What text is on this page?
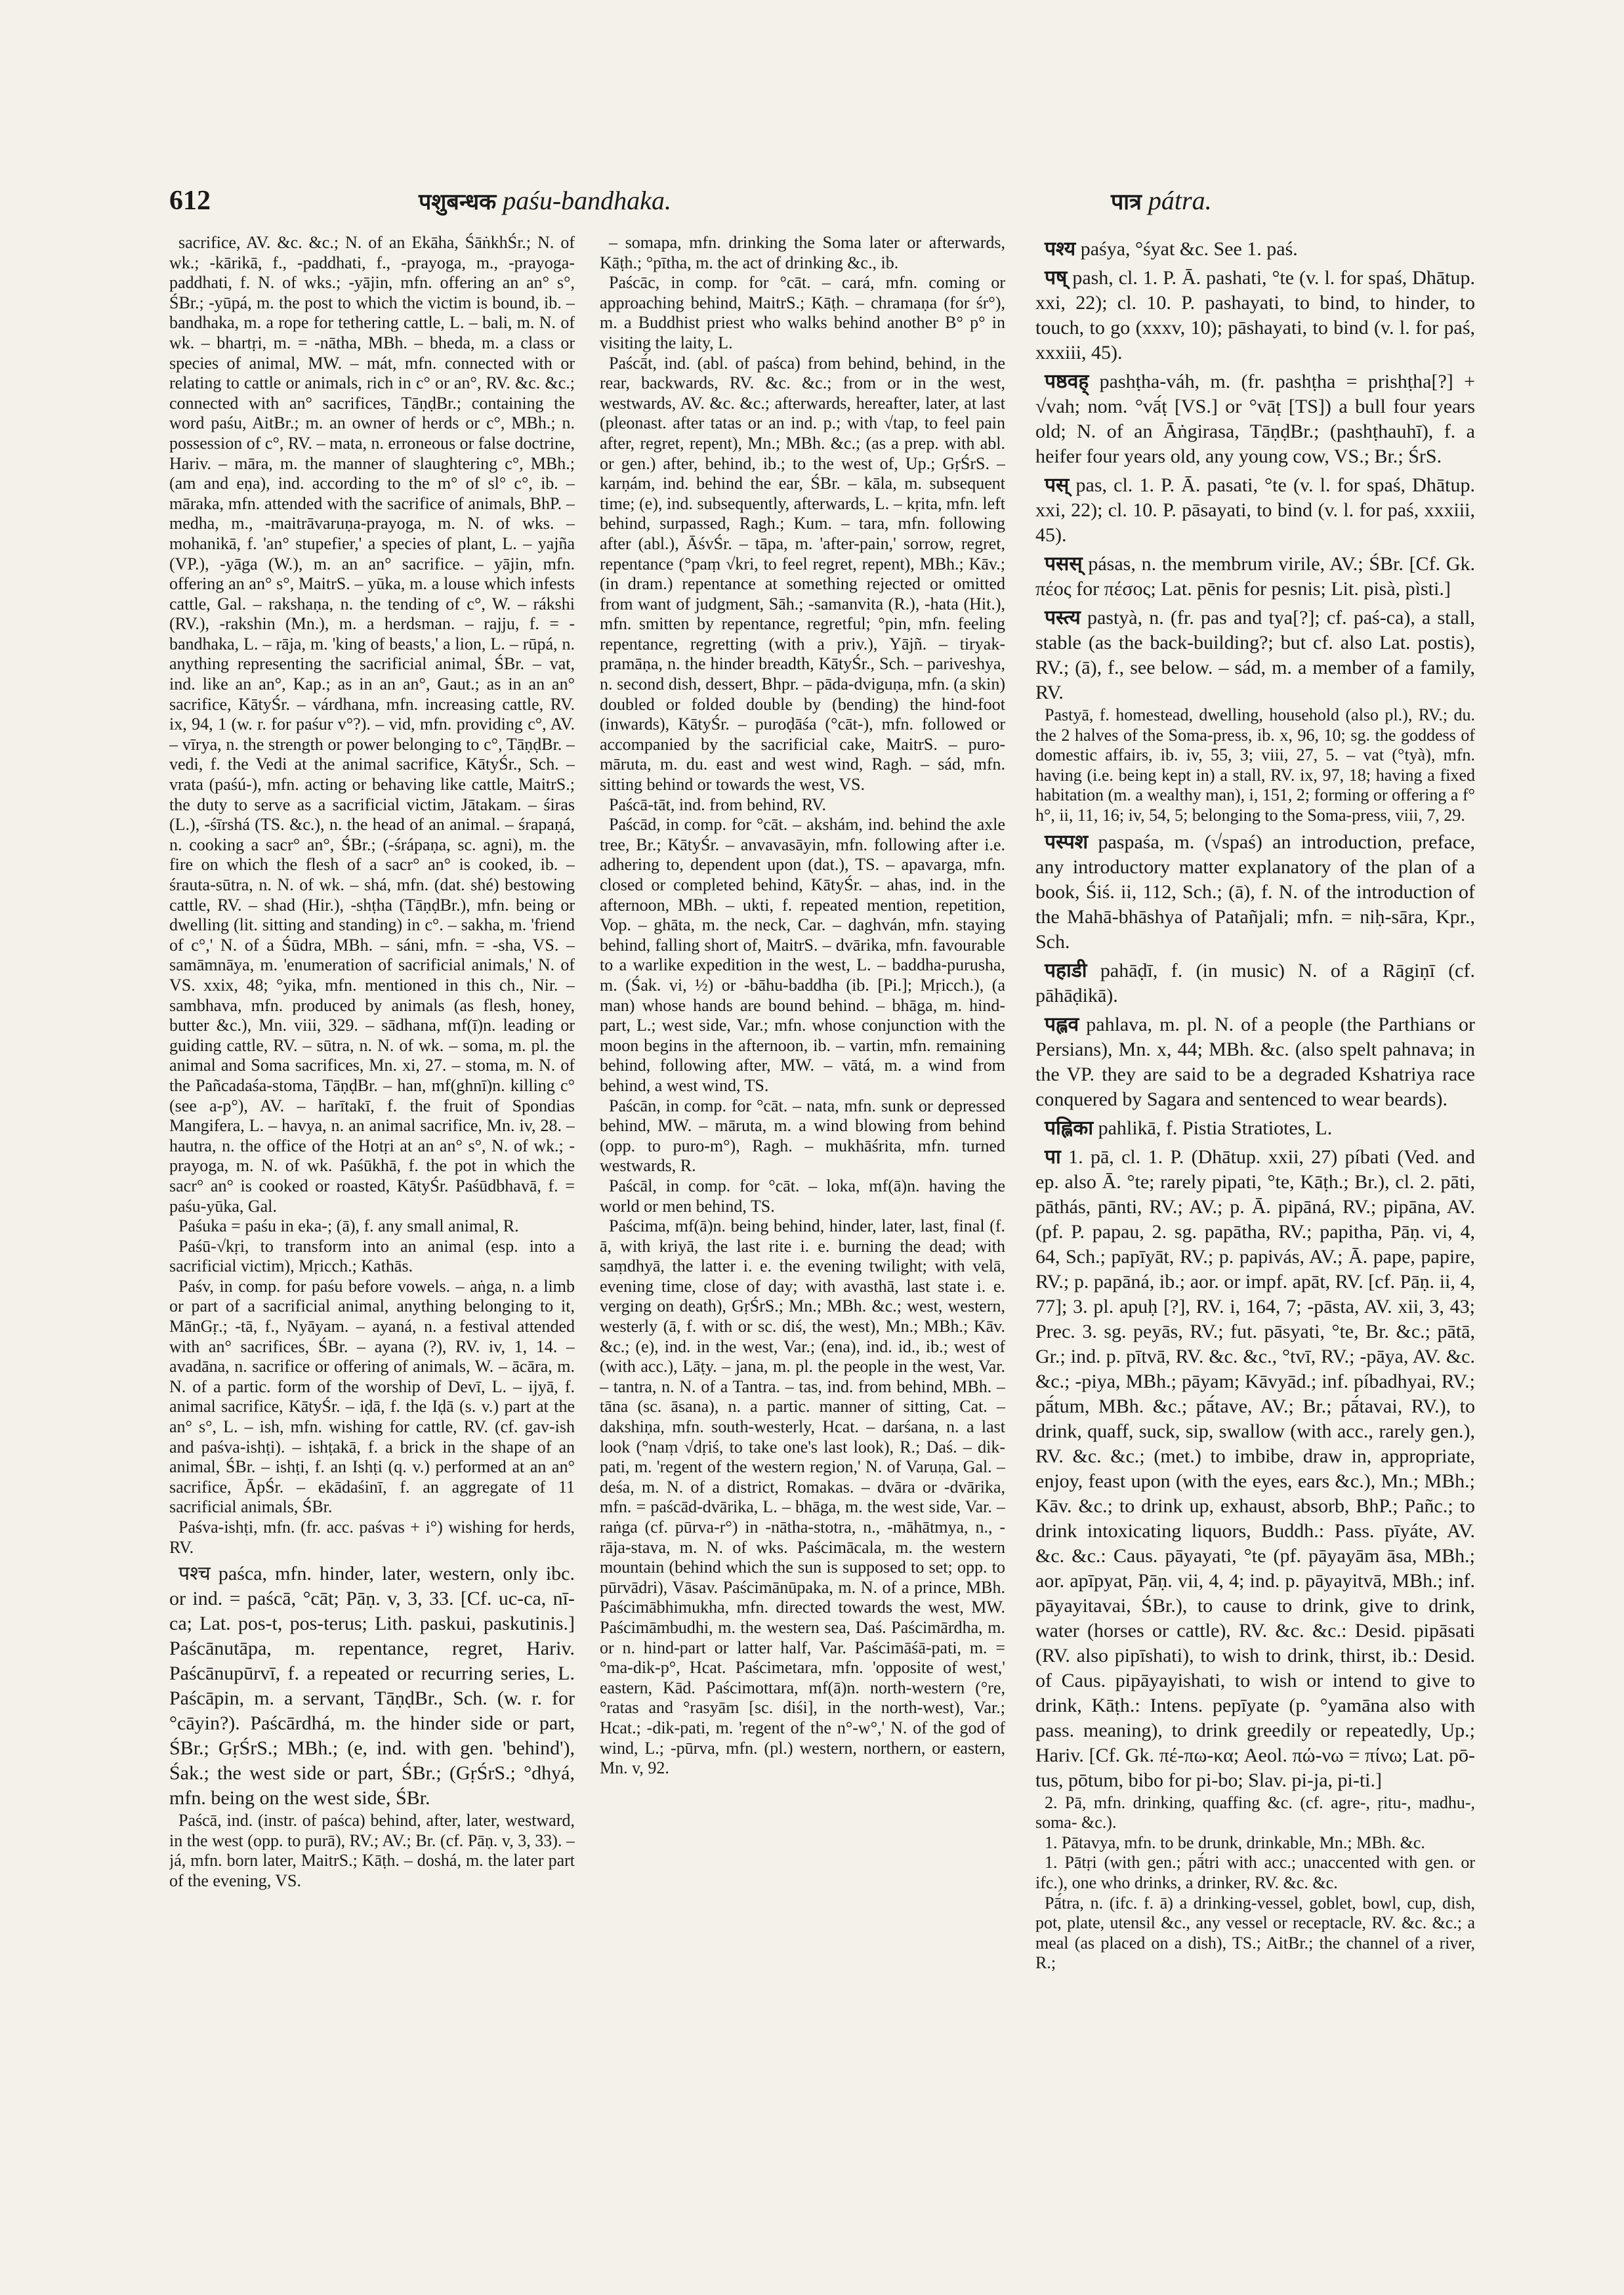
612	पशुबन्धक paśu-bandhaka.	पात्र pátra.

sacrifice, AV. &c. &c.; N. of an Ekāha, ŚāṅkhŚr.; N. of wk.; -kārikā, f., -paddhati, f., -prayoga, m., -prayoga-paddhati, f. N. of wks.; -yājin, mfn. offering an an° s°, ŚBr.; -yūpá, m. the post to which the victim is bound, ib. – bandhaka, m. a rope for tethering cattle, L. – bali, m. N. of wk. – bhartṛi, m. = -nātha, MBh. – bheda, m. a class or species of animal, MW. – mát, mfn. connected with or relating to cattle or animals, rich in c° or an°, RV. &c. &c.; connected with an° sacrifices, TāṇḍBr.; containing the word paśu, AitBr.; m. an owner of herds or c°, MBh.; n. possession of c°, RV. – mata, n. erroneous or false doctrine, Hariv. – māra, m. the manner of slaughtering c°, MBh.; (am and eṇa), ind. according to the m° of sl° c°, ib. – māraka, mfn. attended with the sacrifice of animals, BhP. – medha, m., -maitrāvaruṇa-prayoga, m. N. of wks. – mohanikā, f. 'an° stupefier,' a species of plant, L. – yajña (VP.), -yāga (W.), m. an an° sacrifice. – yājin, mfn. offering an an° s°, MaitrS. – yūka, m. a louse which infests cattle, Gal. – rakshaṇa, n. the tending of c°, W. – rákshi (RV.), -rakshin (Mn.), m. a herdsman. – rajju, f. = -bandhaka, L. – rāja, m. 'king of beasts,' a lion, L. – rūpá, n. anything representing the sacrificial animal, ŚBr. – vat, ind. like an an°, Kap.; as in an an°, Gaut.; as in an an° sacrifice, KātyŚr. – várdhana, mfn. increasing cattle, RV. ix, 94, 1 (w. r. for paśur v°?). – vid, mfn. providing c°, AV. – vīrya, n. the strength or power belonging to c°, TāṇḍBr. – vedi, f. the Vedi at the animal sacrifice, KātyŚr., Sch. – vrata (paśú-), mfn. acting or behaving like cattle, MaitrS.; the duty to serve as a sacrificial victim, Jātakam. – śiras (L.), -śīrshá (TS. &c.), n. the head of an animal. – śrapaṇá, n. cooking a sacr° an°, ŚBr.; (-śrápaṇa, sc. agni), m. the fire on which the flesh of a sacr° an° is cooked, ib. – śrauta-sūtra, n. N. of wk. – shá, mfn. (dat. shé) bestowing cattle, RV. – shad (Hir.), -shṭha (TāṇḍBr.), mfn. being or dwelling (lit. sitting and standing) in c°. – sakha, m. 'friend of c°,' N. of a Śūdra, MBh. – sáni, mfn. = -sha, VS. – samāmnāya, m. 'enumeration of sacrificial animals,' N. of VS. xxix, 48; °yika, mfn. mentioned in this ch., Nir. – sambhava, mfn. produced by animals (as flesh, honey, butter &c.), Mn. viii, 329. – sādhana, mf(ī)n. leading or guiding cattle, RV. – sūtra, n. N. of wk. – soma, m. pl. the animal and Soma sacrifices, Mn. xi, 27. – stoma, m. N. of the Pañcadaśa-stoma, TāṇḍBr. – han, mf(ghnī)n. killing c° (see a-p°), AV. – harītakī, f. the fruit of Spondias Mangifera, L. – havya, n. an animal sacrifice, Mn. iv, 28. – hautra, n. the office of the Hotṛi at an an° s°, N. of wk.; -prayoga, m. N. of wk. Paśūkhā, f. the pot in which the sacr° an° is cooked or roasted, KātyŚr. Paśūdbhavā, f. = paśu-yūka, Gal.

Paśuka = paśu in eka-; (ā), f. any small animal, R.

Paśū-√kṛi, to transform into an animal (esp. into a sacrificial victim), Mṛicch.; Kathās.

Paśv, in comp. for paśu before vowels. – aṅga, n. a limb or part of a sacrificial animal, anything belonging to it, MānGṛ.; -tā, f., Nyāyam. – ayaná, n. a festival attended with an° sacrifices, ŚBr. – ayana (?), RV. iv, 1, 14. – avadāna, n. sacrifice or offering of animals, W. – ācāra, m. N. of a partic. form of the worship of Devī, L. – ijyā, f. animal sacrifice, KātyŚr. – iḍā, f. the Iḍā (s. v.) part at the an° s°, L. – ish, mfn. wishing for cattle, RV. (cf. gav-ish and paśva-ishṭi). – ishṭakā, f. a brick in the shape of an animal, ŚBr. – ishṭi, f. an Ishṭi (q. v.) performed at an an° sacrifice, ĀpŚr. – ekādaśinī, f. an aggregate of 11 sacrificial animals, ŚBr.

Paśva-ishṭi, mfn. (fr. acc. paśvas + i°) wishing for herds, RV.

पश्च paśca, mfn. hinder, later, western, only ibc. or ind. = paścā, °cāt; Pāṇ. v, 3, 33. [Cf. uc-ca, nī-ca; Lat. pos-t, pos-terus; Lith. paskui, paskutinis.] Paścānutāpa, m. repentance, regret, Hariv. Paścānupūrvī, f. a repeated or recurring series, L. Paścāpin, m. a servant, TāṇḍBr., Sch. (w. r. for °cāyin?). Paścārdhá, m. the hinder side or part, ŚBr.; GṛŚrS.; MBh.; (e, ind. with gen. 'behind'), Śak.; the west side or part, ŚBr.; (GṛŚrS.; °dhyá, mfn. being on the west side, ŚBr.

Paścā, ind. (instr. of paśca) behind, after, later, westward, in the west (opp. to purā), RV.; AV.; Br. (cf. Pāṇ. v, 3, 33). – já, mfn. born later, MaitrS.; Kāṭh. – doshá, m. the later part of the evening, VS.

– somapa, mfn. drinking the Soma later or afterwards, Kāṭh.; °pītha, m. the act of drinking &c., ib.

Paścāc, in comp. for °cāt. – cará, mfn. coming or approaching behind, MaitrS.; Kāṭh. – chramaṇa (for śr°), m. a Buddhist priest who walks behind another B° p° in visiting the laity, L.

Paścā́t, ind. (abl. of paśca) from behind, behind, in the rear, backwards, RV. &c. &c.; from or in the west, westwards, AV. &c. &c.; afterwards, hereafter, later, at last (pleonast. after tatas or an ind. p.; with √tap, to feel pain after, regret, repent), Mn.; MBh. &c.; (as a prep. with abl. or gen.) after, behind, ib.; to the west of, Up.; GṛŚrS. – karṇám, ind. behind the ear, ŚBr. – kāla, m. subsequent time; (e), ind. subsequently, afterwards, L. – kṛita, mfn. left behind, surpassed, Ragh.; Kum. – tara, mfn. following after (abl.), ĀśvŚr. – tāpa, m. 'after-pain,' sorrow, regret, repentance (°paṃ √kri, to feel regret, repent), MBh.; Kāv.; (in dram.) repentance at something rejected or omitted from want of judgment, Sāh.; -samanvita (R.), -hata (Hit.), mfn. smitten by repentance, regretful; °pin, mfn. feeling repentance, regretting (with a priv.), Yājñ. – tiryak-pramāṇa, n. the hinder breadth, KātyŚr., Sch. – pariveshya, n. second dish, dessert, Bhpr. – pāda-dviguṇa, mfn. (a skin) doubled or folded double by (bending) the hind-foot (inwards), KātyŚr. – puroḍāśa (°cāt-), mfn. followed or accompanied by the sacrificial cake, MaitrS. – puro-māruta, m. du. east and west wind, Ragh. – sád, mfn. sitting behind or towards the west, VS.

Paścā-tāt, ind. from behind, RV.

Paścād, in comp. for °cāt. – akshám, ind. behind the axle tree, Br.; KātyŚr. – anvavasāyin, mfn. following after i.e. adhering to, dependent upon (dat.), TS. – apavarga, mfn. closed or completed behind, KātyŚr. – ahas, ind. in the afternoon, MBh. – ukti, f. repeated mention, repetition, Vop. – ghāta, m. the neck, Car. – daghván, mfn. staying behind, falling short of, MaitrS. – dvārika, mfn. favourable to a warlike expedition in the west, L. – baddha-purusha, m. (Śak. vi, ½) or -bāhu-baddha (ib. [Pi.]; Mṛicch.), (a man) whose hands are bound behind. – bhāga, m. hind-part, L.; west side, Var.; mfn. whose conjunction with the moon begins in the afternoon, ib. – vartin, mfn. remaining behind, following after, MW. – vātá, m. a wind from behind, a west wind, TS.

Paścān, in comp. for °cāt. – nata, mfn. sunk or depressed behind, MW. – māruta, m. a wind blowing from behind (opp. to puro-m°), Ragh. – mukhāśrita, mfn. turned westwards, R.

Paścāl, in comp. for °cāt. – loka, mf(ā)n. having the world or men behind, TS.

Paścima, mf(ā)n. being behind, hinder, later, last, final (f. ā, with kriyā, the last rite i. e. burning the dead; with saṃdhyā, the latter i. e. the evening twilight; with velā, evening time, close of day; with avasthā, last state i. e. verging on death), GṛŚrS.; Mn.; MBh. &c.; west, western, westerly (ā, f. with or sc. diś, the west), Mn.; MBh.; Kāv. &c.; (e), ind. in the west, Var.; (ena), ind. id., ib.; west of (with acc.), Lāṭy. – jana, m. pl. the people in the west, Var. – tantra, n. N. of a Tantra. – tas, ind. from behind, MBh. – tāna (sc. āsana), n. a partic. manner of sitting, Cat. – dakshiṇa, mfn. south-westerly, Hcat. – darśana, n. a last look (°naṃ √dṛiś, to take one's last look), R.; Daś. – dik-pati, m. 'regent of the western region,' N. of Varuṇa, Gal. – deśa, m. N. of a district, Romakas. – dvāra or -dvārika, mfn. = paścād-dvārika, L. – bhāga, m. the west side, Var. – raṅga (cf. pūrva-r°) in -nātha-stotra, n., -māhātmya, n., -rāja-stava, m. N. of wks. Paścimācala, m. the western mountain (behind which the sun is supposed to set; opp. to pūrvādri), Vāsav. Paścimānūpaka, m. N. of a prince, MBh. Paścimābhimukha, mfn. directed towards the west, MW. Paścimāmbudhi, m. the western sea, Daś. Paścimārdha, m. or n. hind-part or latter half, Var. Paścimāśā-pati, m. = °ma-dik-p°, Hcat. Paścimetara, mfn. 'opposite of west,' eastern, Kād. Paścimottara, mf(ā)n. north-western (°re, °ratas and °rasyām [sc. diśi], in the north-west), Var.; Hcat.; -dik-pati, m. 'regent of the n°-w°,' N. of the god of wind, L.; -pūrva, mfn. (pl.) western, northern, or eastern, Mn. v, 92.

पश्य paśya, °śyat &c. See 1. paś.

पष् pash, cl. 1. P. Ā. pashati, °te (v. l. for spaś, Dhātup. xxi, 22); cl. 10. P. pashayati, to bind, to hinder, to touch, to go (xxxv, 10); pāshayati, to bind (v. l. for paś, xxxiii, 45).

पष्ठवह् pashṭha-váh, m. (fr. pashṭha = prishṭha[?] + √vah; nom. °vā́ṭ [VS.] or °vāṭ [TS]) a bull four years old; N. of an Āṅgirasa, TāṇḍBr.; (pashṭhauhī), f. a heifer four years old, any young cow, VS.; Br.; ŚrS.

पस् pas, cl. 1. P. Ā. pasati, °te (v. l. for spaś, Dhātup. xxi, 22); cl. 10. P. pāsayati, to bind (v. l. for paś, xxxiii, 45).

पसस् pásas, n. the membrum virile, AV.; ŚBr. [Cf. Gk. πέος for πέσος; Lat. pēnis for pesnis; Lit. pisà, pìsti.]

पस्त्य pastyà, n. (fr. pas and tya[?]; cf. paś-ca), a stall, stable (as the back-building?; but cf. also Lat. postis), RV.; (ā), f., see below. – sád, m. a member of a family, RV.

Pastyā, f. homestead, dwelling, household (also pl.), RV.; du. the 2 halves of the Soma-press, ib. x, 96, 10; sg. the goddess of domestic affairs, ib. iv, 55, 3; viii, 27, 5. – vat (°tyà), mfn. having (i.e. being kept in) a stall, RV. ix, 97, 18; having a fixed habitation (m. a wealthy man), i, 151, 2; forming or offering a f° h°, ii, 11, 16; iv, 54, 5; belonging to the Soma-press, viii, 7, 29.

पस्पश paspaśa, m. (√spaś) an introduction, preface, any introductory matter explanatory of the plan of a book, Śiś. ii, 112, Sch.; (ā), f. N. of the introduction of the Mahā-bhāshya of Patañjali; mfn. = niḥ-sāra, Kpr., Sch.

पहाडी pahāḍī, f. (in music) N. of a Rāgiṇī (cf. pāhāḍikā).

पह्लव pahlava, m. pl. N. of a people (the Parthians or Persians), Mn. x, 44; MBh. &c. (also spelt pahnava; in the VP. they are said to be a degraded Kshatriya race conquered by Sagara and sentenced to wear beards).

पह्लिका pahlikā, f. Pistia Stratiotes, L.

पा 1. pā, cl. 1. P. (Dhātup. xxii, 27) píbati (Ved. and ep. also Ā. °te; rarely pipati, °te, Kāṭh.; Br.), cl. 2. pāti, pāthás, pānti, RV.; AV.; p. Ā. pipāná, RV.; pipāna, AV. (pf. P. papau, 2. sg. papātha, RV.; papitha, Pāṇ. vi, 4, 64, Sch.; papīyāt, RV.; p. papivás, AV.; Ā. pape, papire, RV.; p. papāná, ib.; aor. or impf. apāt, RV. [cf. Pāṇ. ii, 4, 77]; 3. pl. apuḥ [?], RV. i, 164, 7; -pāsta, AV. xii, 3, 43; Prec. 3. sg. peyās, RV.; fut. pāsyati, °te, Br. &c.; pātā, Gr.; ind. p. pītvā, RV. &c. &c., °tvī, RV.; -pāya, AV. &c. &c.; -piya, MBh.; pāyam; Kāvyād.; inf. píbadhyai, RV.; pā́tum, MBh. &c.; pā́tave, AV.; Br.; pā́tavai, RV.), to drink, quaff, suck, sip, swallow (with acc., rarely gen.), RV. &c. &c.; (met.) to imbibe, draw in, appropriate, enjoy, feast upon (with the eyes, ears &c.), Mn.; MBh.; Kāv. &c.; to drink up, exhaust, absorb, BhP.; Pañc.; to drink intoxicating liquors, Buddh.: Pass. pīyáte, AV. &c. &c.: Caus. pāyayati, °te (pf. pāyayām āsa, MBh.; aor. apīpyat, Pāṇ. vii, 4, 4; ind. p. pāyayitvā, MBh.; inf. pāyayitavai, ŚBr.), to cause to drink, give to drink, water (horses or cattle), RV. &c. &c.: Desid. pipāsati (RV. also pipīshati), to wish to drink, thirst, ib.: Desid. of Caus. pipāyayishati, to wish or intend to give to drink, Kāṭh.: Intens. pepīyate (p. °yamāna also with pass. meaning), to drink greedily or repeatedly, Up.; Hariv. [Cf. Gk. πέ-πω-κα; Aeol. πώ-νω = πίνω; Lat. pō-tus, pōtum, bibo for pi-bo; Slav. pi-ja, pi-ti.]

2. Pā, mfn. drinking, quaffing &c. (cf. agre-, ṛitu-, madhu-, soma- &c.).

1. Pātavya, mfn. to be drunk, drinkable, Mn.; MBh. &c.

1. Pātṛi (with gen.; pā́tri with acc.; unaccented with gen. or ifc.), one who drinks, a drinker, RV. &c. &c.

Pā́tra, n. (ifc. f. ā) a drinking-vessel, goblet, bowl, cup, dish, pot, plate, utensil &c., any vessel or receptacle, RV. &c. &c.; a meal (as placed on a dish), TS.; AitBr.; the channel of a river, R.;
